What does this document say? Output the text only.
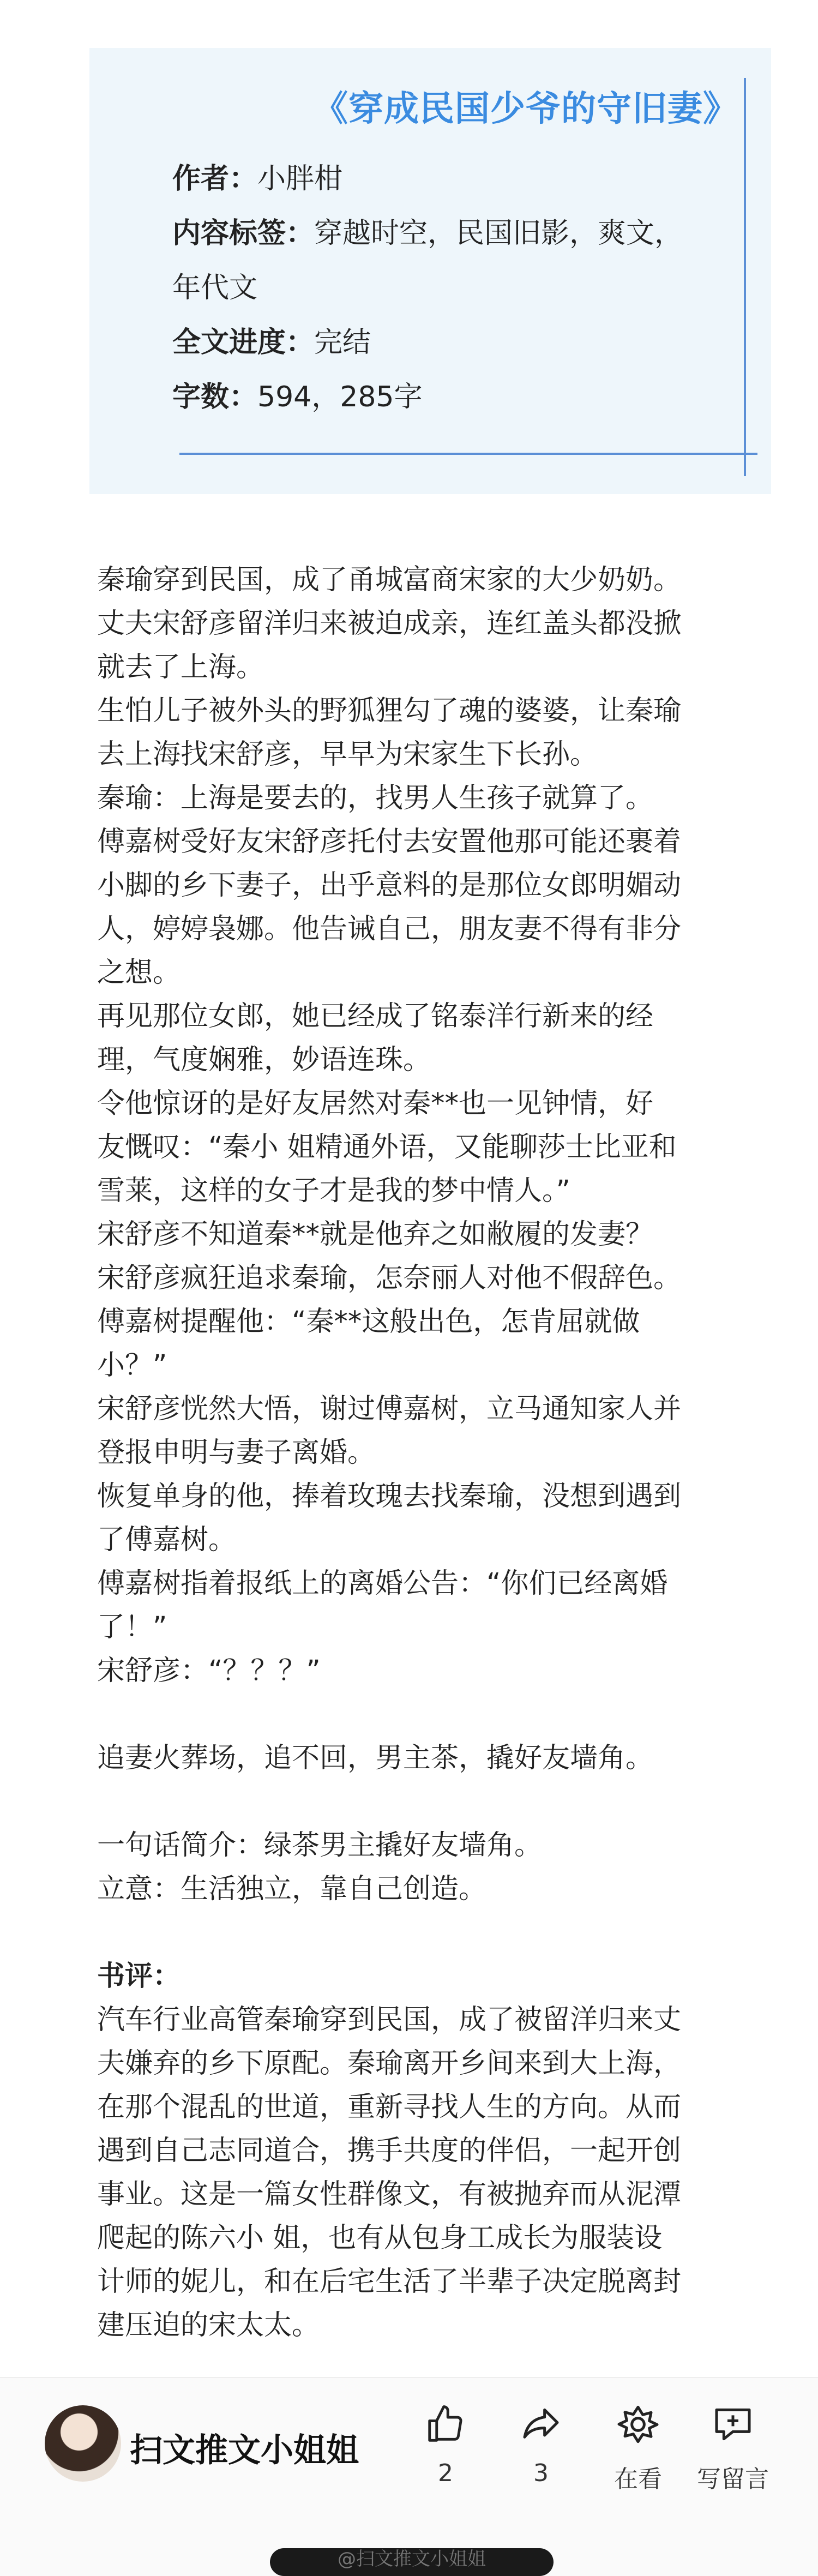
《穿成民国少爷的守旧妻》
作者：小胖柑
内容标签：穿越时空，民国旧影，爽文，
年代文
全文进度：完结
字数：594，285字

秦瑜穿到民国，成了甬城富商宋家的大少奶奶。

丈夫宋舒彦留洋归来被迫成亲，连红盖头都没掀

就去了上海。

生怕儿子被外头的野狐狸勾了魂的婆婆，让秦瑜

去上海找宋舒彦，早早为宋家生下长孙。

秦瑜：上海是要去的，找男人生孩子就算了。

傅嘉树受好友宋舒彦托付去安置他那可能还裹着

小脚的乡下妻子，出乎意料的是那位女郎明媚动

人，婷婷袅娜。他告诫自己，朋友妻不得有非分

之想。

再见那位女郎，她已经成了铭泰洋行新来的经

理，气度娴雅，妙语连珠。

令他惊讶的是好友居然对秦**也一见钟情，好

友慨叹：“秦小 姐精通外语，又能聊莎士比亚和

雪莱，这样的女子才是我的梦中情人。”

宋舒彦不知道秦**就是他弃之如敝履的发妻？

宋舒彦疯狂追求秦瑜，怎奈丽人对他不假辞色。

傅嘉树提醒他：“秦**这般出色，怎肯屈就做

小？”

宋舒彦恍然大悟，谢过傅嘉树，立马通知家人并

登报申明与妻子离婚。

恢复单身的他，捧着玫瑰去找秦瑜，没想到遇到

了傅嘉树。

傅嘉树指着报纸上的离婚公告：“你们已经离婚

了！”

宋舒彦：“？？？”

追妻火葬场，追不回，男主茶，撬好友墙角。

一句话简介：绿茶男主撬好友墙角。

立意：生活独立，靠自己创造。

书评：

汽车行业高管秦瑜穿到民国，成了被留洋归来丈

夫嫌弃的乡下原配。秦瑜离开乡间来到大上海，

在那个混乱的世道，重新寻找人生的方向。从而

遇到自己志同道合，携手共度的伴侣，一起开创

事业。这是一篇女性群像文，有被抛弃而从泥潭

爬起的陈六小 姐，也有从包身工成长为服装设

计师的妮儿，和在后宅生活了半辈子决定脱离封

建压迫的宋太太。

扫文推文小姐姐
2	3	在看	写留言
@扫文推文小姐姐
